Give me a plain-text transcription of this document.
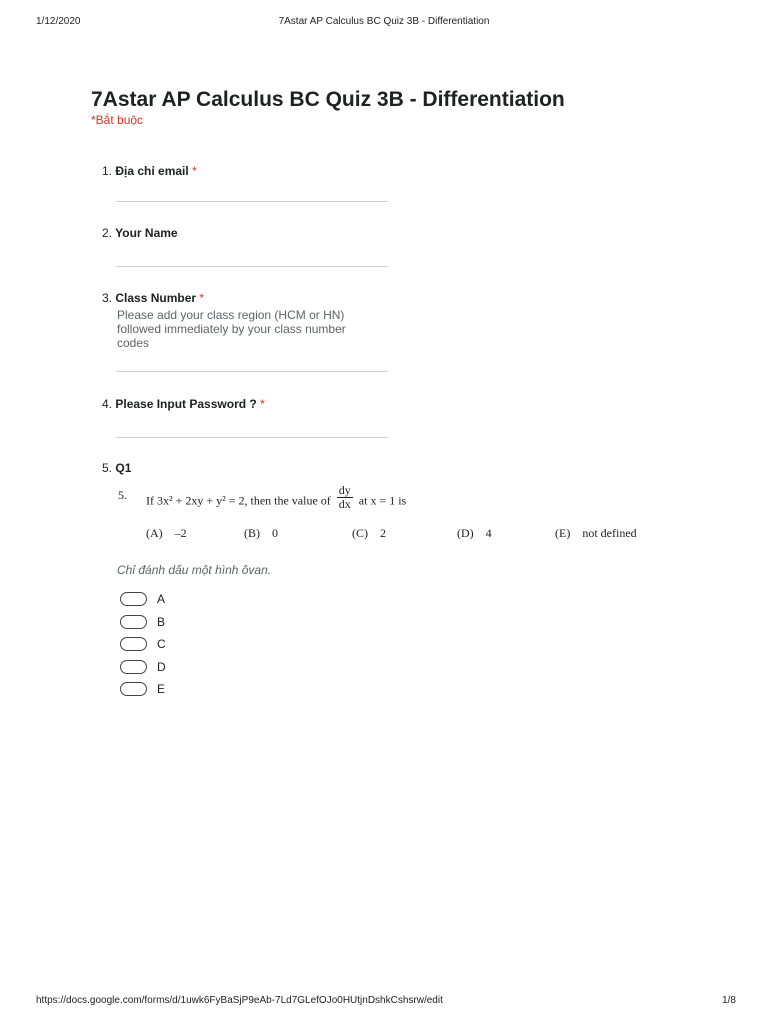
1/12/2020	7Astar AP Calculus BC Quiz 3B - Differentiation
7Astar AP Calculus BC Quiz 3B - Differentiation
*Bắt buộc
1. Địa chỉ email *
2. Your Name
3. Class Number *
Please add your class region (HCM or HN) followed immediately by your class number codes
4. Please Input Password ? *
5. Q1
5. If 3x² + 2xy + y² = 2, then the value of $\frac{dy}{dx}$ at x = 1 is
(A) –2	(B) 0	(C) 2	(D) 4	(E) not defined
Chỉ đánh dấu một hình ôvan.
A
B
C
D
E
https://docs.google.com/forms/d/1uwk6FyBaSjP9eAb-7Ld7GLefOJo0HUtjnDshkCshsrw/edit	1/8
